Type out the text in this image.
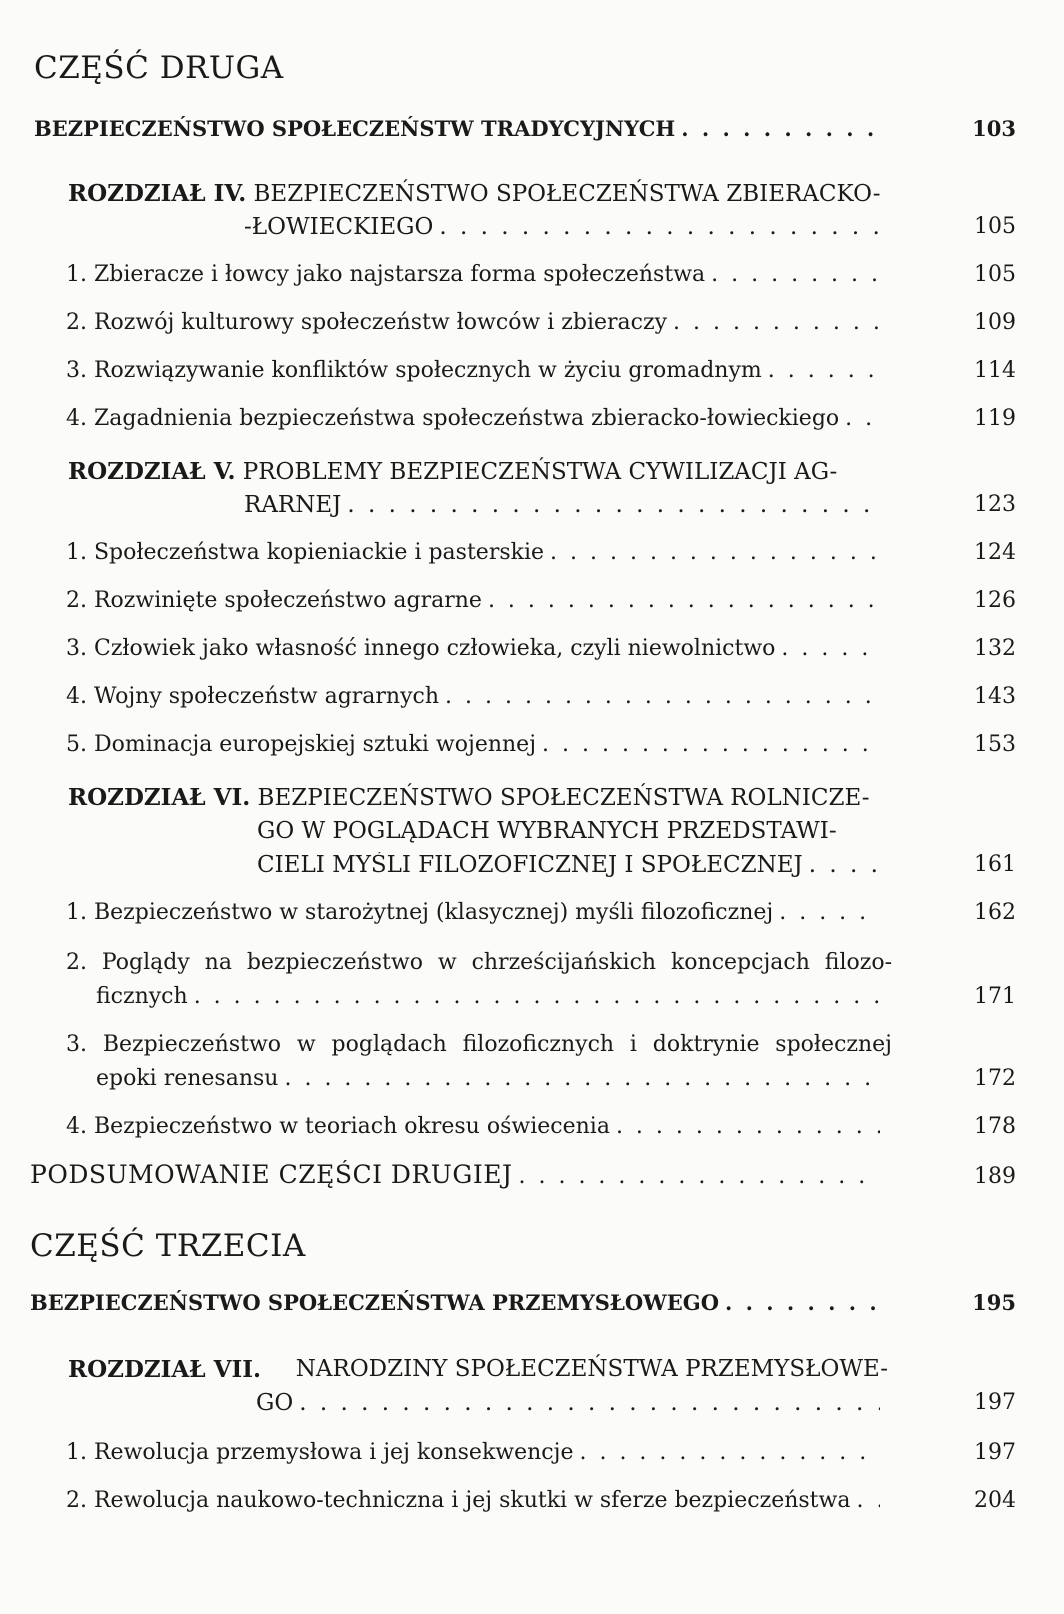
CZĘŚĆ DRUGA
BEZPIECZEŃSTWO SPOŁECZEŃSTW TRADYCYJNYCH . . .	103
ROZDZIAŁ IV. BEZPIECZEŃSTWO SPOŁECZEŃSTWA ZBIERACKO-
-ŁOWIECKIEGO . . .	105
1. Zbieracze i łowcy jako najstarsza forma społeczeństwa . . .	105
2. Rozwój kulturowy społeczeństw łowców i zbieraczy . . .	109
3. Rozwiązywanie konfliktów społecznych w życiu gromadnym . . .	114
4. Zagadnienia bezpieczeństwa społeczeństwa zbieracko-łowieckiego . . .	119
ROZDZIAŁ V. PROBLEMY BEZPIECZEŃSTWA CYWILIZACJI AG-
RARNEJ . . .	123
1. Społeczeństwa kopieniackie i pasterskie . . .	124
2. Rozwinięte społeczeństwo agrarne . . .	126
3. Człowiek jako własność innego człowieka, czyli niewolnictwo . . .	132
4. Wojny społeczeństw agrarnych . . .	143
5. Dominacja europejskiej sztuki wojennej . . .	153
ROZDZIAŁ VI. BEZPIECZEŃSTWO SPOŁECZEŃSTWA ROLNICZE-
GO W POGLĄDACH WYBRANYCH PRZEDSTAWI-
CIELI MYŚLI FILOZOFICZNEJ I SPOŁECZNEJ . . .	161
1. Bezpieczeństwo w starożytnej (klasycznej) myśli filozoficznej . . .	162
2. Poglądy na bezpieczeństwo w chrześcijańskich koncepcjach filozo-
ficznych . . .	171
3. Bezpieczeństwo w poglądach filozoficznych i doktrynie społecznej
epoki renesansu . . .	172
4. Bezpieczeństwo w teoriach okresu oświecenia . . .	178
PODSUMOWANIE CZĘŚCI DRUGIEJ . . .	189
CZĘŚĆ TRZECIA
BEZPIECZEŃSTWO SPOŁECZEŃSTWA PRZEMYSŁOWEGO . . .	195
ROZDZIAŁ VII. NARODZINY SPOŁECZEŃSTWA PRZEMYSŁOWE-
GO . . .	197
1. Rewolucja przemysłowa i jej konsekwencje . . .	197
2. Rewolucja naukowo-techniczna i jej skutki w sferze bezpieczeństwa . . .	204
